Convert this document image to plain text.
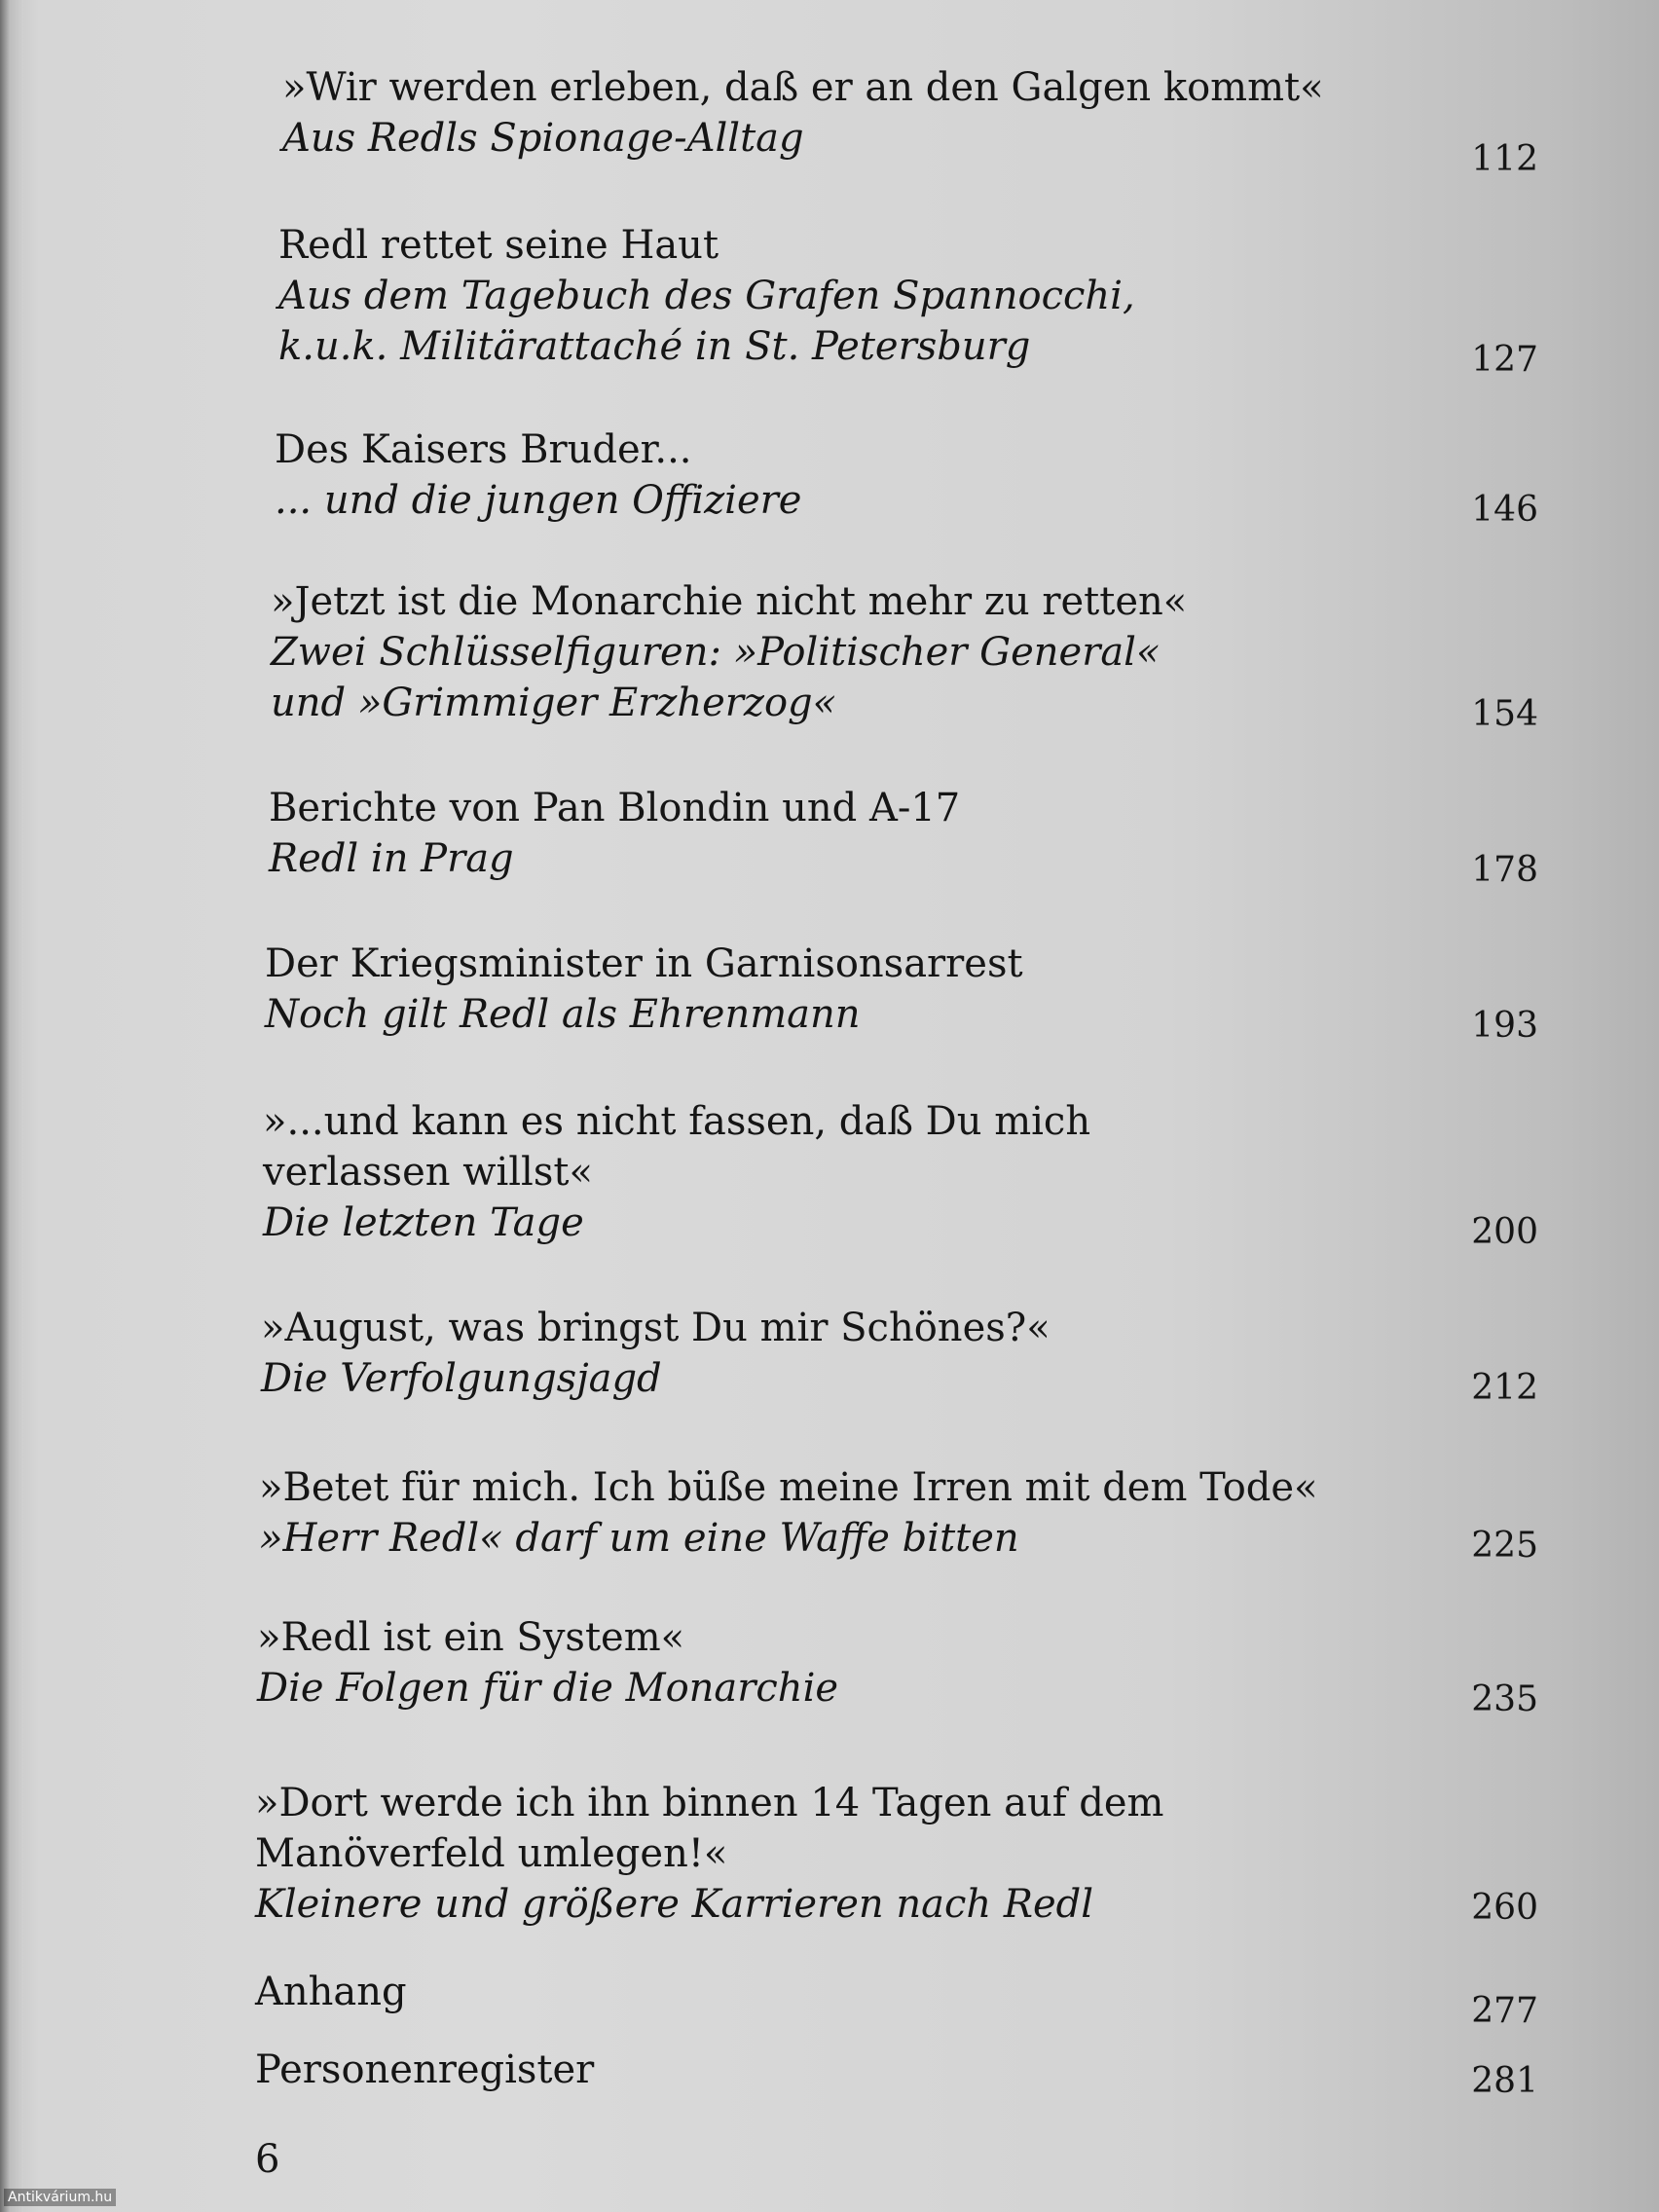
»Wir werden erleben, daß er an den Galgen kommt«
Aus Redls Spionage-Alltag	112
Redl rettet seine Haut
Aus dem Tagebuch des Grafen Spannocchi,
k.u.k. Militärattaché in St. Petersburg	127
Des Kaisers Bruder...
... und die jungen Offiziere	146
»Jetzt ist die Monarchie nicht mehr zu retten«
Zwei Schlüsselfiguren: »Politischer General«
und »Grimmiger Erzherzog«	154
Berichte von Pan Blondin und A-17
Redl in Prag	178
Der Kriegsminister in Garnisonsarrest
Noch gilt Redl als Ehrenmann	193
»...und kann es nicht fassen, daß Du mich
verlassen willst«
Die letzten Tage	200
»August, was bringst Du mir Schönes?«
Die Verfolgungsjagd	212
»Betet für mich. Ich büße meine Irren mit dem Tode«
»Herr Redl« darf um eine Waffe bitten	225
»Redl ist ein System«
Die Folgen für die Monarchie	235
»Dort werde ich ihn binnen 14 Tagen auf dem
Manöverfeld umlegen!«
Kleinere und größere Karrieren nach Redl	260
Anhang	277
Personenregister	281
6
Antikvárium.hu
